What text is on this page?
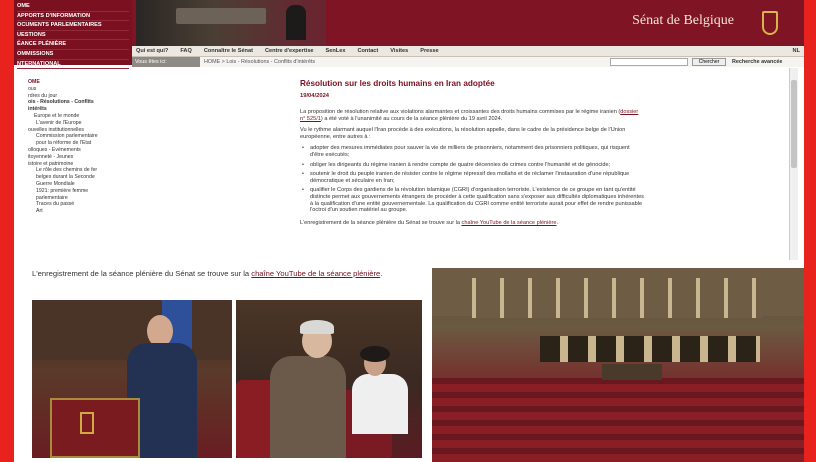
OME
APPORTS D'INFORMATION
OCUMENTS PARLEMENTAIRES
UESTIONS
ÉANCE PLÉNIÈRE
OMMISSIONS
NTERNATIONAL
Sénat de Belgique
Qui est qui? FAQ Connaître le Sénat Centre d'expertise SenLex Contact Visites Presse	NL
Vous êtes ici:	HOME > Lois - Résolutions - Conflits d'intérêts	Chercher	Recherche avancée
OME
ous
rdres du jour
ois - Résolutions - Conflits
intérêts
Europe et le monde
L'avenir de l'Europe
ouvelles institutionnelles
Commission parlementaire
pour la réforme de l'État
olloques - Événements
itoyenneté - Jeunes
istoire et patrimoine
Le rôle des chemins de fer
belges durant la Seconde
Guerre Mondiale
1921: première femme
parlementaire
Traces du passé
Art
Résolution sur les droits humains en Iran adoptée
19/04/2024

La proposition de résolution relative aux violations alarmantes et croissantes des droits humains commises par le régime iranien (dossier n° 525/1) a été voté à l'unanimité au cours de la séance plénière du 19 avril 2024.

Vu le rythme alarmant auquel l'Iran procède à des exécutions, la résolution appelle, dans le cadre de la présidence belge de l'Union européenne, entre autres à :

• adopter des mesures immédiates pour sauver la vie de milliers de prisonniers, notamment des prisonniers politiques, qui risquent d'être exécutés;
• obliger les dirigeants du régime iranien à rendre compte de quatre décennies de crimes contre l'humanité et de génocide;
• soutenir le droit du peuple iranien de résister contre le régime répressif des mollahs et de réclamer l'instauration d'une république démocratique et séculaire en Iran;
• qualifier le Corps des gardiens de la révolution islamique (CGRI) d'organisation terroriste. L'existence de ce groupe en tant qu'entité distincte permet aux gouvernements étrangers de procéder à cette qualification sans s'exposer aux difficultés diplomatiques inhérentes à la qualification d'une entité gouvernementale. La qualification du CGRI comme entité terroriste aurait pour effet de rendre punissable l'octroi d'un soutien matériel au groupe.

L'enregistrement de la séance plénière du Sénat se trouve sur la chaîne YouTube de la séance plénière.

L'enregistrement de la séance plénière du Sénat se trouve sur la chaîne YouTube de la séance plénière.
